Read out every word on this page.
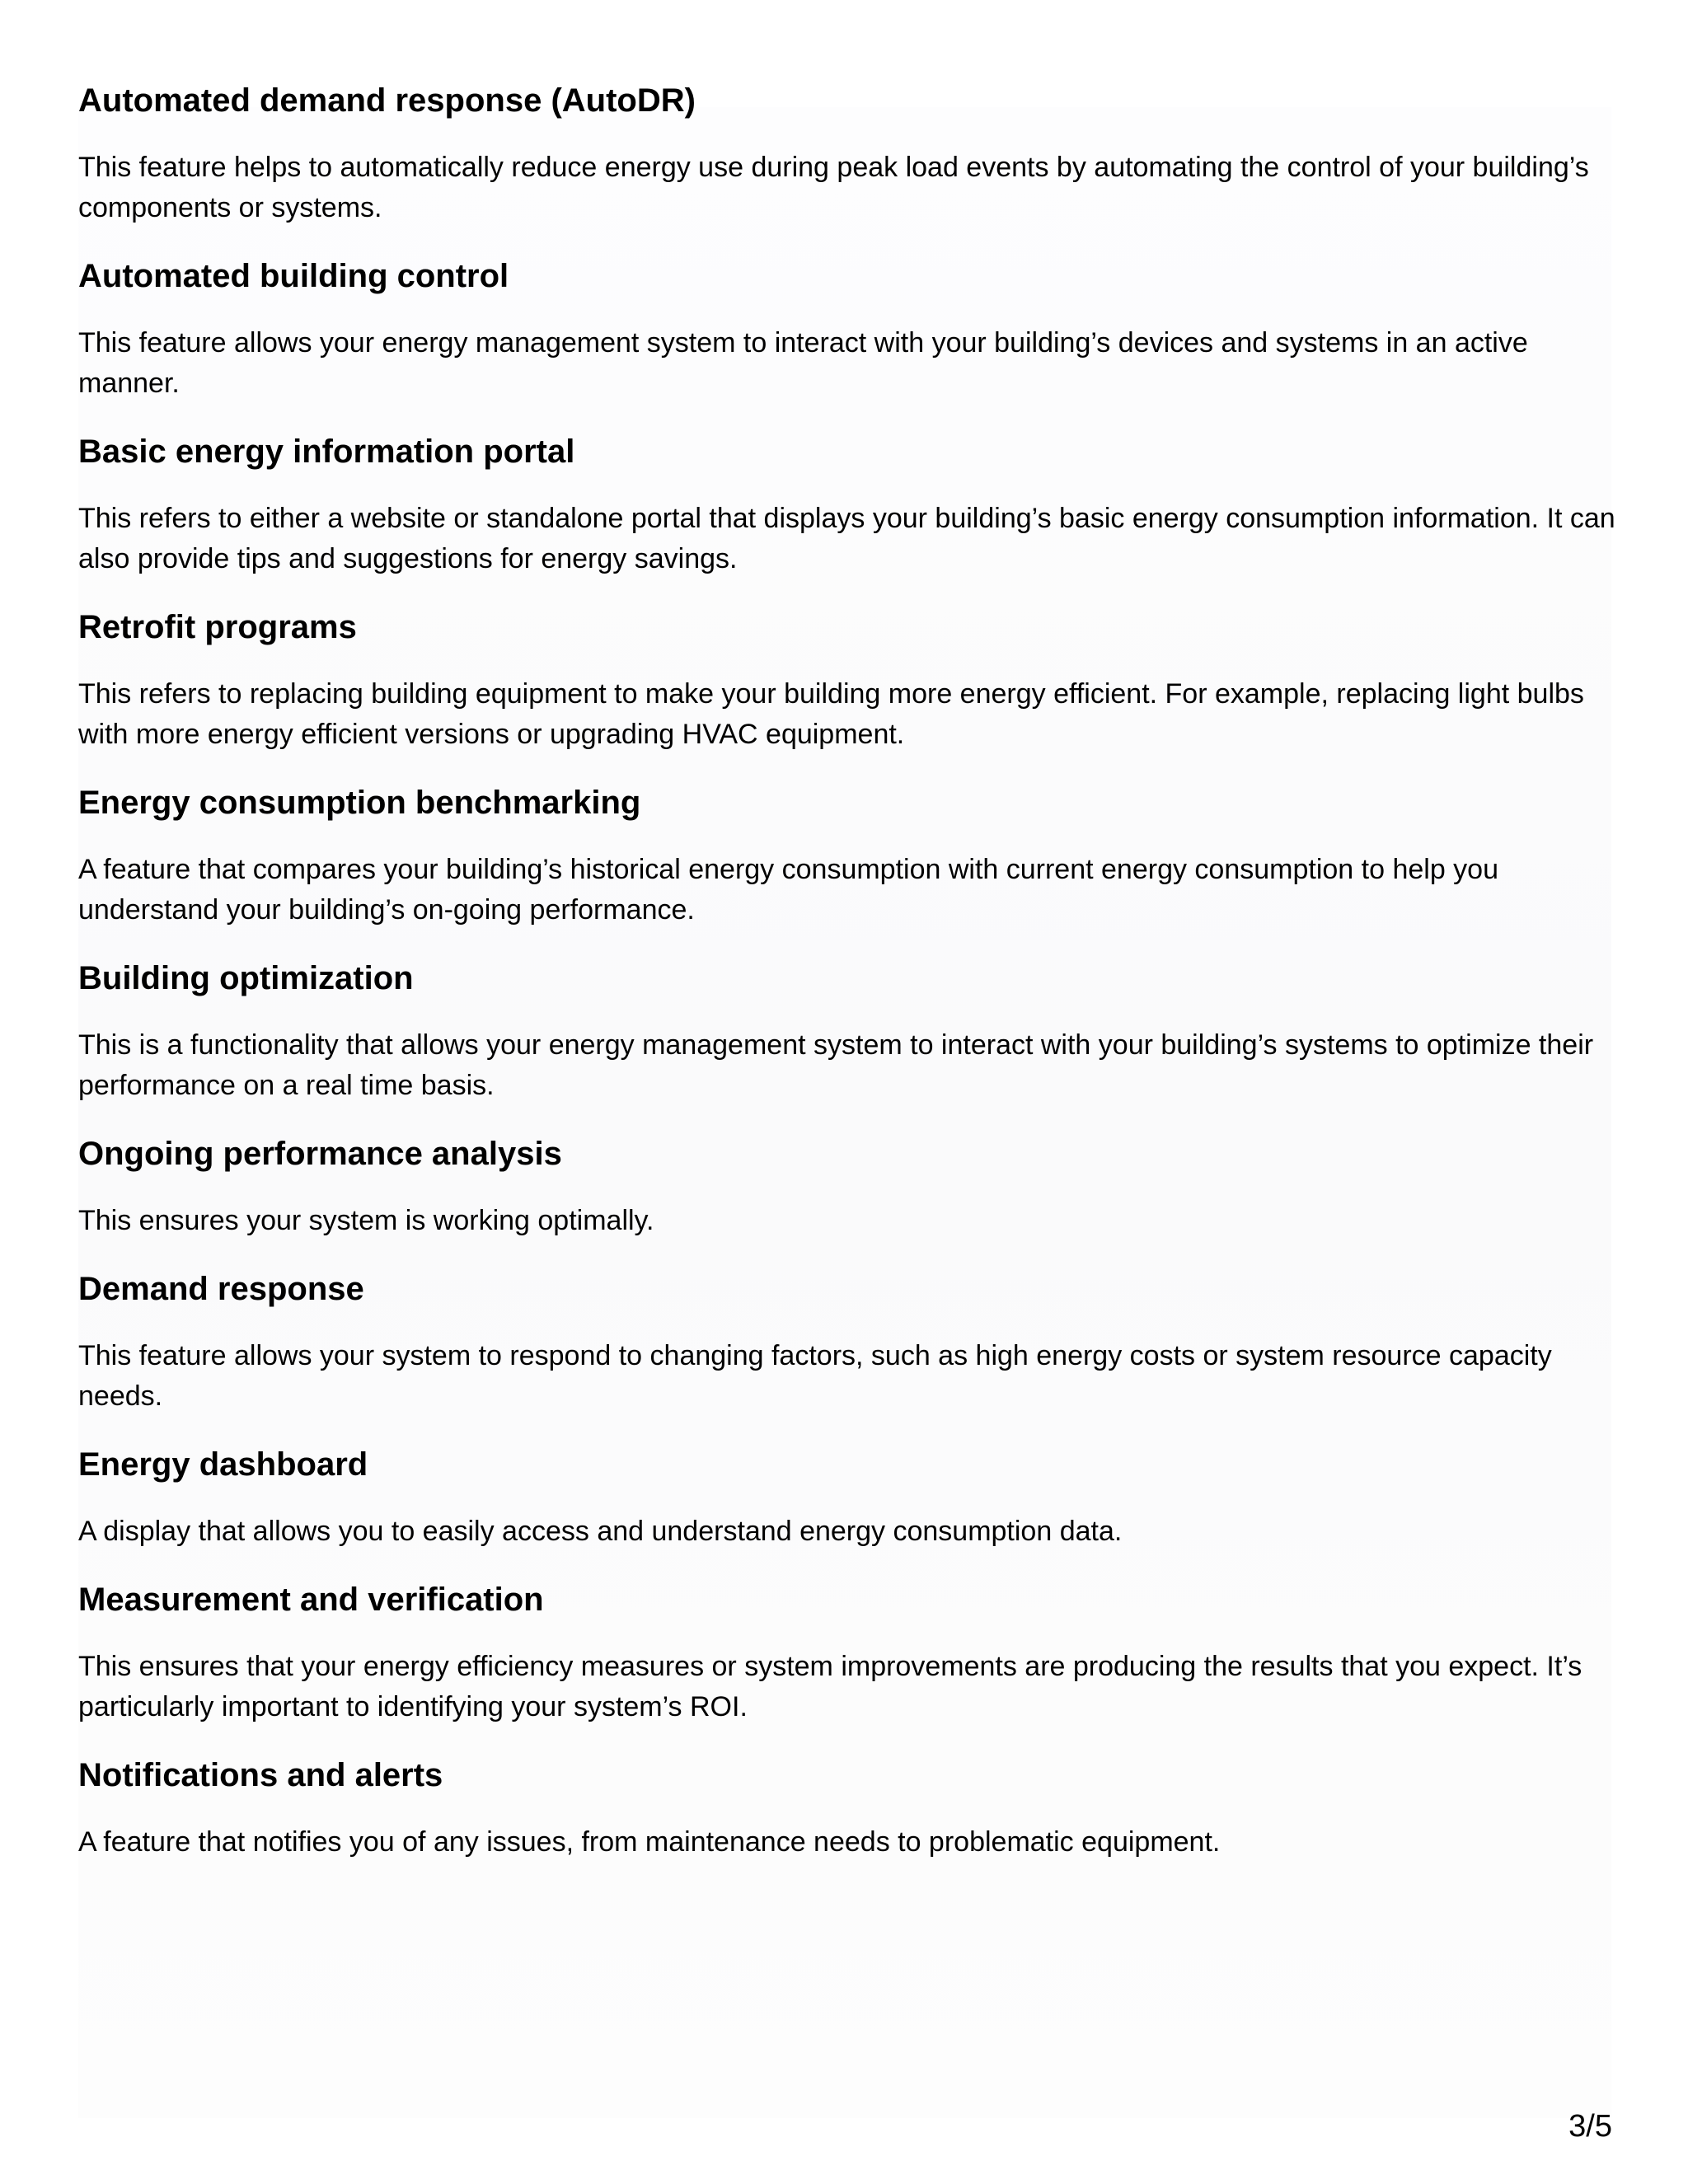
Automated demand response (AutoDR)

This feature helps to automatically reduce energy use during peak load events by automating the control of your building’s components or systems.

Automated building control

This feature allows your energy management system to interact with your building’s devices and systems in an active manner.

Basic energy information portal

This refers to either a website or standalone portal that displays your building’s basic energy consumption information. It can also provide tips and suggestions for energy savings.

Retrofit programs

This refers to replacing building equipment to make your building more energy efficient. For example, replacing light bulbs with more energy efficient versions or upgrading HVAC equipment.

Energy consumption benchmarking

A feature that compares your building’s historical energy consumption with current energy consumption to help you understand your building’s on-going performance.

Building optimization

This is a functionality that allows your energy management system to interact with your building’s systems to optimize their performance on a real time basis.

Ongoing performance analysis

This ensures your system is working optimally.

Demand response

This feature allows your system to respond to changing factors, such as high energy costs or system resource capacity needs.

Energy dashboard

A display that allows you to easily access and understand energy consumption data.

Measurement and verification

This ensures that your energy efficiency measures or system improvements are producing the results that you expect. It’s particularly important to identifying your system’s ROI.

Notifications and alerts

A feature that notifies you of any issues, from maintenance needs to problematic equipment.

3/5
